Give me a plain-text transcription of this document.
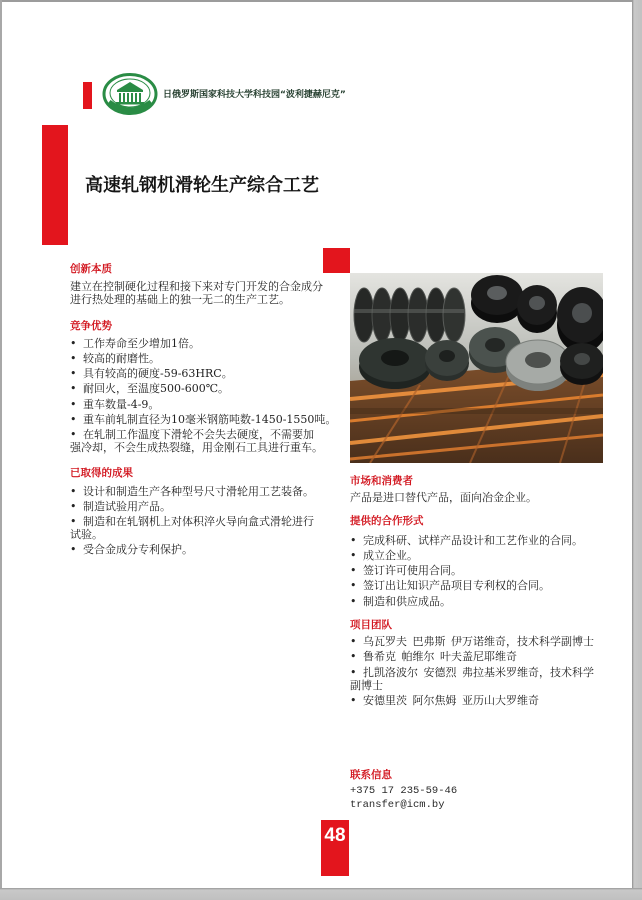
日俄罗斯国家科技大学科技园“波利捷赫尼克”
高速轧钢机滑轮生产综合工艺
创新本质

建立在控制硬化过程和接下来对专门开发的合金成分进行热处理的基础上的独一无二的生产工艺。

竞争优势
• 工作寿命至少增加1倍。
• 较高的耐磨性。
• 具有较高的硬度-59-63HRC。
• 耐回火，至温度500-600℃。
• 重车数量-4-9。
• 重车前轧制直径为10毫米钢筋吨数-1450-1550吨。
• 在轧制工作温度下滑轮不会失去硬度，不需要加强冷却，不会生成热裂缝，用金刚石工具进行重车。
已取得的成果
• 设计和制造生产各种型号尺寸滑轮用工艺装备。
• 制造试验用产品。
• 制造和在轧钢机上对体积淬火导向盒式滑轮进行试验。
• 受合金成分专利保护。
市场和消费者

产品是进口替代产品，面向冶金企业。

提供的合作形式
• 完成科研、试样产品设计和工艺作业的合同。
• 成立企业。
• 签订许可使用合同。
• 签订出让知识产品项目专利权的合同。
• 制造和供应成品。
项目团队
• 乌瓦罗夫 巴弗斯 伊万诺维奇，技术科学副博士
• 鲁希克 帕维尔 叶夫盖尼耶维奇
• 扎凯洛波尔 安德烈 弗拉基米罗维奇，技术科学副博士
• 安德里茨 阿尔焦姆 亚历山大罗维奇
联系信息
+375 17 235-59-46
transfer@icm.by
48
